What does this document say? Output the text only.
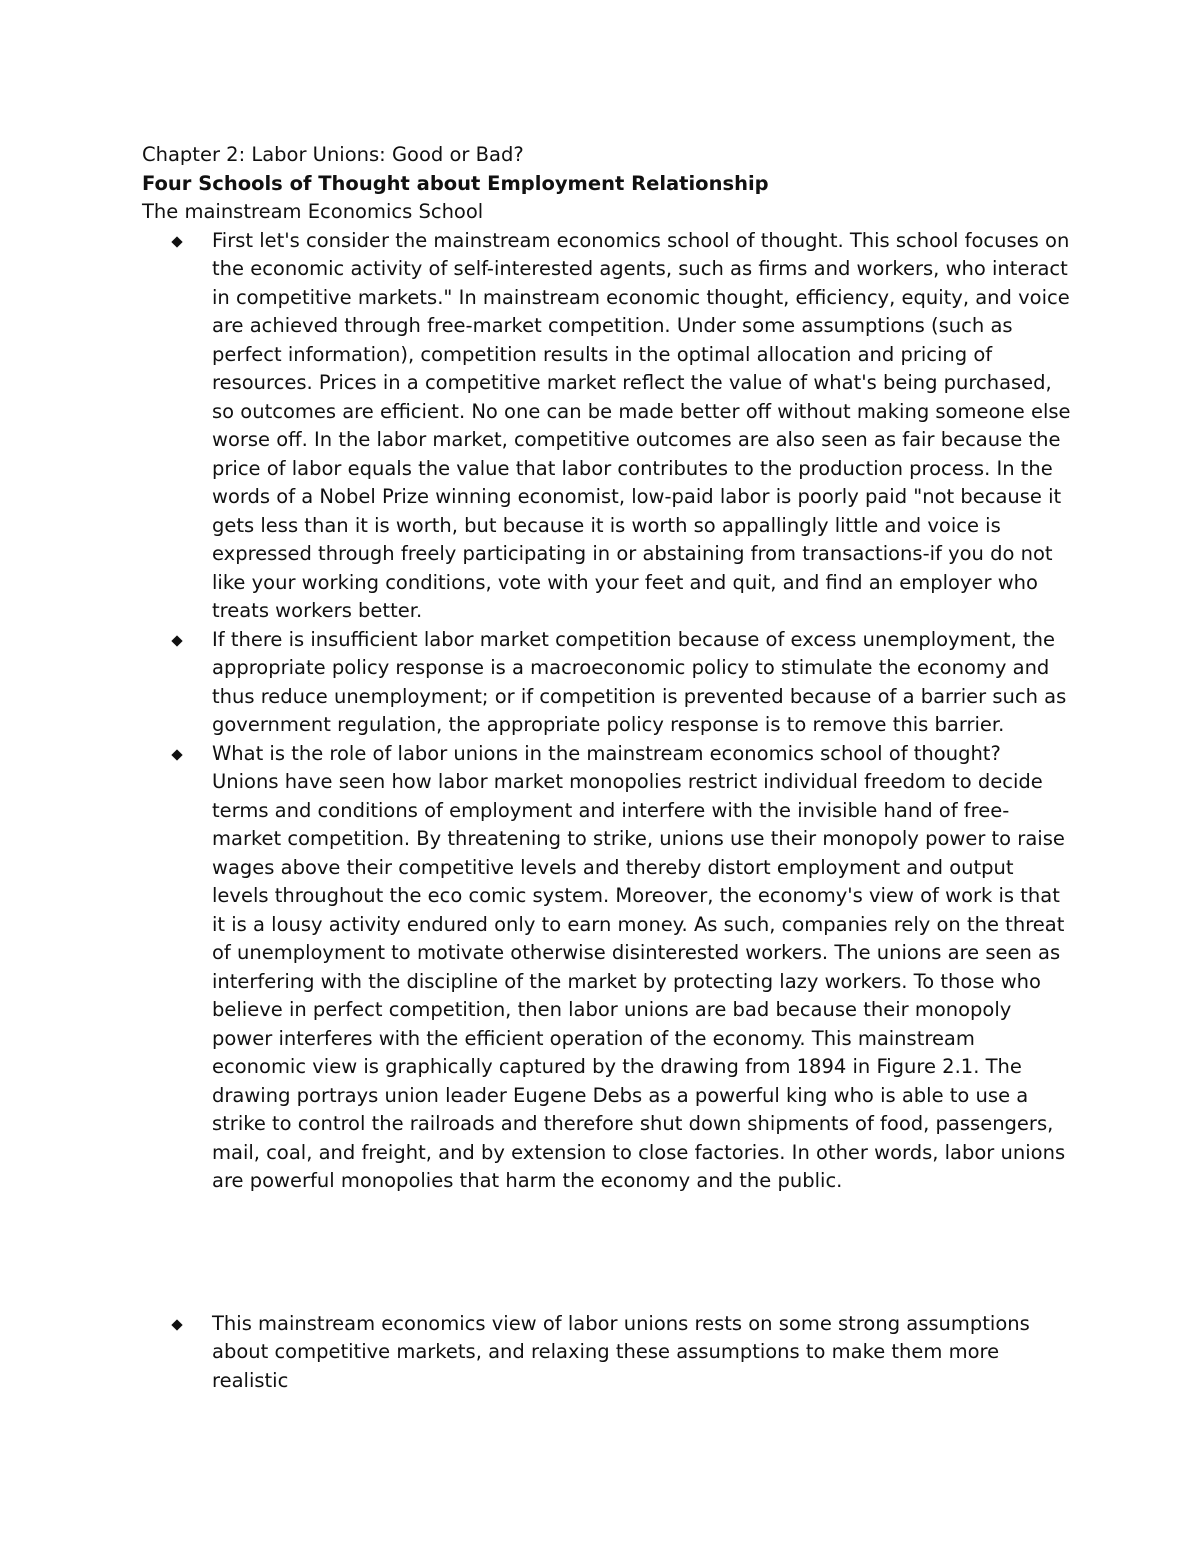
Chapter 2: Labor Unions: Good or Bad?

Four Schools of Thought about Employment Relationship

The mainstream Economics School

First let's consider the mainstream economics school of thought. This school focuses on the economic activity of self-interested agents, such as firms and workers, who interact in competitive markets." In mainstream economic thought, efficiency, equity, and voice are achieved through free-market competition. Under some assumptions (such as perfect information), competition results in the optimal allocation and pricing of resources. Prices in a competitive market reflect the value of what's being purchased, so outcomes are efficient. No one can be made better off without making someone else worse off. In the labor market, competitive outcomes are also seen as fair because the price of labor equals the value that labor contributes to the production process. In the words of a Nobel Prize winning economist, low-paid labor is poorly paid "not because it gets less than it is worth, but because it is worth so appallingly little and voice is expressed through freely participating in or abstaining from transactions-if you do not like your working conditions, vote with your feet and quit, and find an employer who treats workers better.
If there is insufficient labor market competition because of excess unemployment, the appropriate policy response is a macroeconomic policy to stimulate the economy and thus reduce unemployment; or if competition is prevented because of a barrier such as government regulation, the appropriate policy response is to remove this barrier.
What is the role of labor unions in the mainstream economics school of thought? Unions have seen how labor market monopolies restrict individual freedom to decide terms and conditions of employment and interfere with the invisible hand of free-market competition. By threatening to strike, unions use their monopoly power to raise wages above their competitive levels and thereby distort employment and output levels throughout the eco comic system. Moreover, the economy's view of work is that it is a lousy activity endured only to earn money. As such, companies rely on the threat of unemployment to motivate otherwise disinterested workers. The unions are seen as interfering with the discipline of the market by protecting lazy workers. To those who believe in perfect competition, then labor unions are bad because their monopoly power interferes with the efficient operation of the economy. This mainstream economic view is graphically captured by the drawing from 1894 in Figure 2.1. The drawing portrays union leader Eugene Debs as a powerful king who is able to use a strike to control the railroads and therefore shut down shipments of food, passengers, mail, coal, and freight, and by extension to close factories. In other words, labor unions are powerful monopolies that harm the economy and the public.
This mainstream economics view of labor unions rests on some strong assumptions about competitive markets, and relaxing these assumptions to make them more realistic
